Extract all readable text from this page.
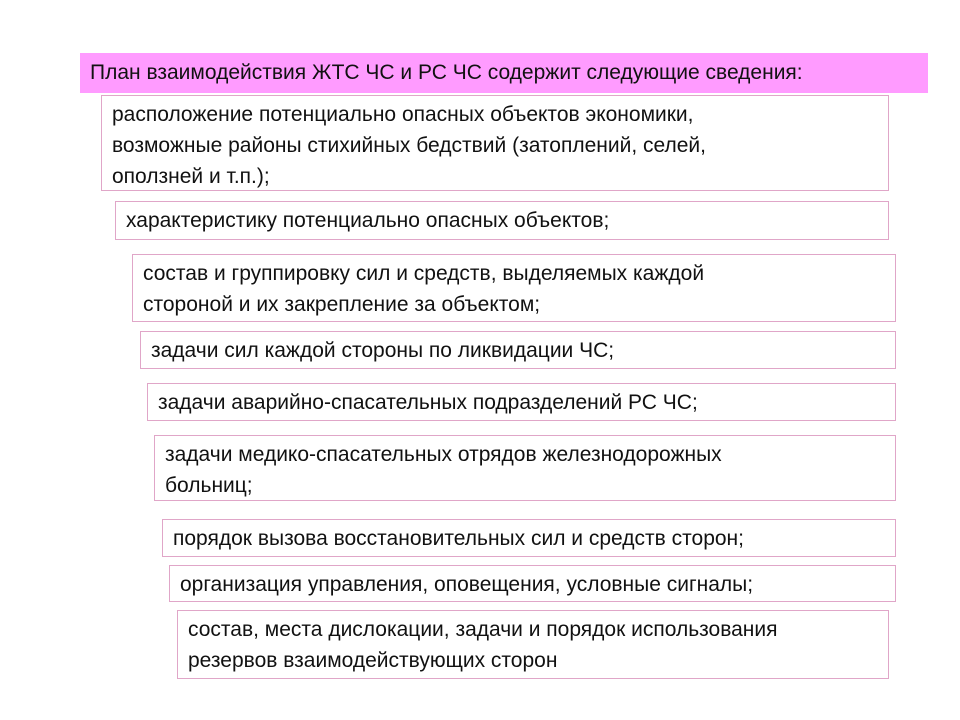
План взаимодействия ЖТС ЧС и РС ЧС содержит следующие сведения:
расположение потенциально опасных объектов экономики,
возможные районы стихийных бедствий (затоплений, селей,
оползней и т.п.);
характеристику потенциально опасных объектов;
состав и группировку сил и средств, выделяемых каждой
стороной и их закрепление за объектом;
задачи сил каждой стороны по ликвидации ЧС;
задачи аварийно-спасательных подразделений РС ЧС;
задачи медико-спасательных отрядов железнодорожных
больниц;
порядок вызова восстановительных сил и средств сторон;
организация управления, оповещения, условные сигналы;
состав, места дислокации, задачи и порядок использования
резервов взаимодействующих сторон
